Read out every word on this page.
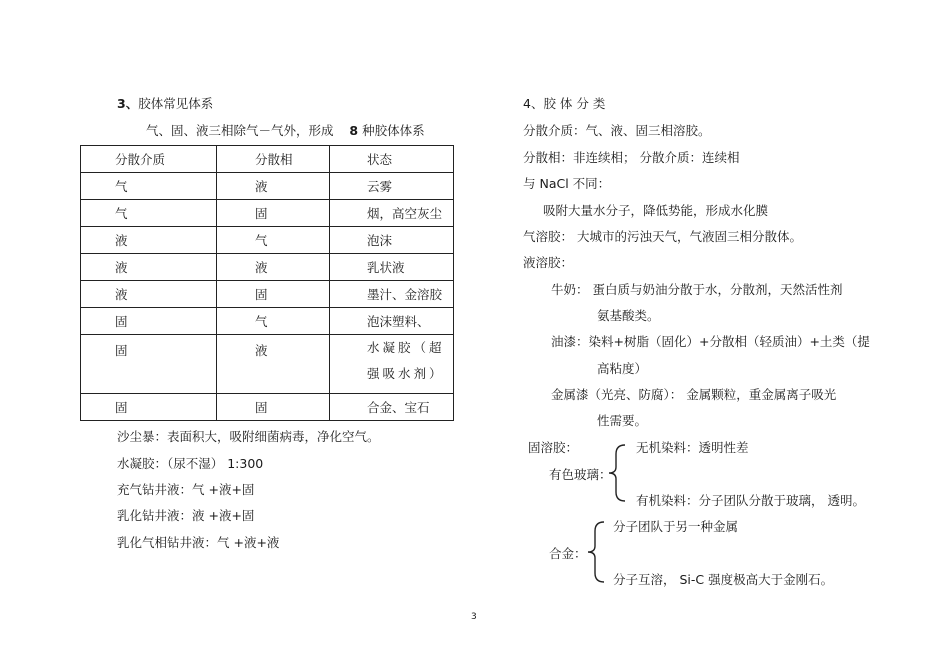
3、胶体常见体系
气、固、液三相除气－气外，形成 8 种胶体体系
分散介质	分散相	状态
气	液	云雾
气	固	烟，高空灰尘
液	气	泡沫
液	液	乳状液
液	固	墨汁、金溶胶
固	气	泡沫塑料、
固	液	水凝胶（超强吸水剂）
固	固	合金、宝石
沙尘暴：表面积大，吸附细菌病毒，净化空气。
水凝胶：（尿不湿） 1:300
充气钻井液：气 +液+固
乳化钻井液：液 +液+固
乳化气相钻井液：气 +液+液
4、胶 体 分 类
分散介质：气、液、固三相溶胶。
分散相：非连续相； 分散介质：连续相
与 NaCl 不同：
吸附大量水分子，降低势能，形成水化膜
气溶胶： 大城市的污浊天气，气液固三相分散体。
液溶胶：
牛奶： 蛋白质与奶油分散于水，分散剂，天然活性剂
氨基酸类。
油漆：染料+树脂（固化）+分散相（轻质油）+土类（提
高粘度）
金属漆（光亮、防腐）： 金属颗粒，重金属离子吸光
性需要。
固溶胶：
有色玻璃：
无机染料：透明性差
有机染料：分子团队分散于玻璃， 透明。
合金：
分子团队于另一种金属
分子互溶， Si-C 强度极高大于金刚石。
3
